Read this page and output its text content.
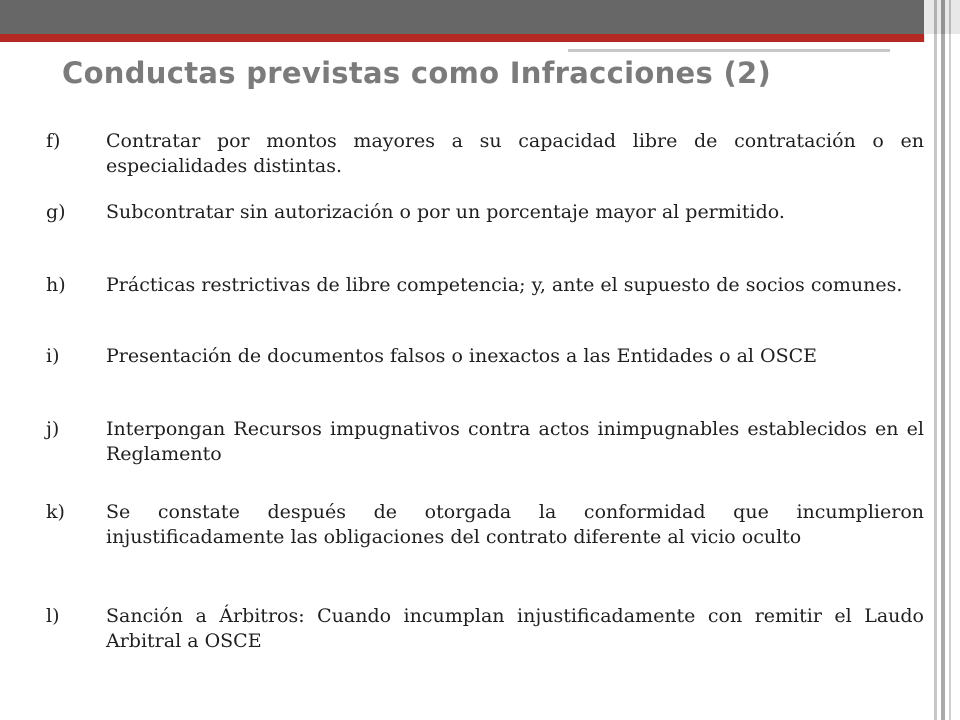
Conductas previstas como Infracciones (2)
f)	Contratar por montos mayores a su capacidad libre de contratación o en especialidades distintas.
g)	Subcontratar sin autorización o por un porcentaje mayor al permitido.
h)	Prácticas restrictivas de libre competencia; y, ante el supuesto de socios comunes.
i)	Presentación de documentos falsos o inexactos a las Entidades o al OSCE
j)	Interpongan Recursos impugnativos contra actos inimpugnables establecidos en el Reglamento
k)	Se constate después de otorgada la conformidad que incumplieron injustificadamente las obligaciones del contrato diferente al vicio oculto
l)	Sanción a Árbitros: Cuando incumplan injustificadamente con remitir el Laudo Arbitral a OSCE
